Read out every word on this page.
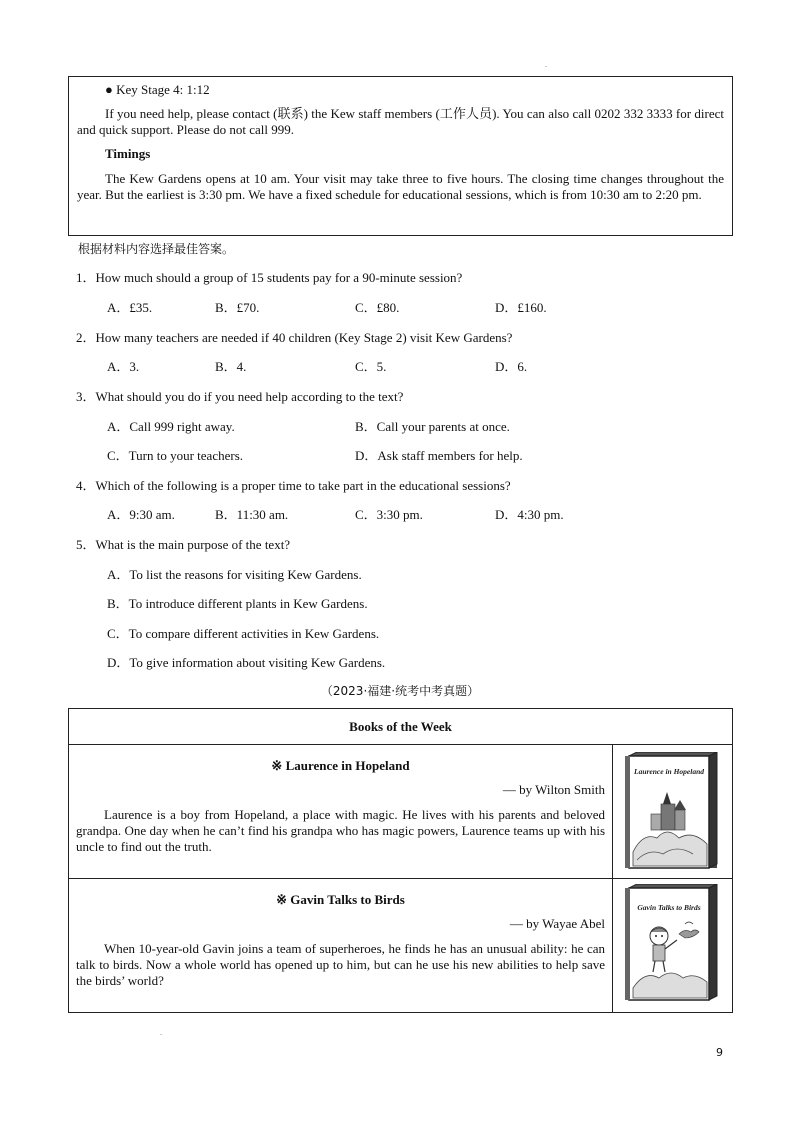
.

● Key Stage 4: 1:12

If you need help, please contact (联系) the Kew staff members (工作人员). You can also call 0202 332 3333 for direct and quick support. Please do not call 999.

Timings

The Kew Gardens opens at 10 am. Your visit may take three to five hours. The closing time changes throughout the year. But the earliest is 3:30 pm. We have a fixed schedule for educational sessions, which is from 10:30 am to 2:20 pm.

根据材料内容选择最佳答案。
1．How much should a group of 15 students pay for a 90-minute session?
A．£35.	B．£70.	C．£80.	D．£160.
2．How many teachers are needed if 40 children (Key Stage 2) visit Kew Gardens?
A．3.	B．4.	C．5.	D．6.
3．What should you do if you need help according to the text?
A．Call 999 right away.	B．Call your parents at once.
C．Turn to your teachers.	D．Ask staff members for help.
4．Which of the following is a proper time to take part in the educational sessions?
A．9:30 am.	B．11:30 am.	C．3:30 pm.	D．4:30 pm.
5．What is the main purpose of the text?
A．To list the reasons for visiting Kew Gardens.
B．To introduce different plants in Kew Gardens.
C．To compare different activities in Kew Gardens.
D．To give information about visiting Kew Gardens.
（2023·福建·统考中考真题）
Books of the Week	

※ Laurence in Hopeland
— by Wilton Smith
Laurence is a boy from Hopeland, a place with magic. He lives with his parents and beloved grandpa. One day when he can’t find his grandpa who has magic powers, Laurence teams up with his uncle to find out the truth.	Laurence in Hopeland

※ Gavin Talks to Birds
— by Wayae Abel
When 10-year-old Gavin joins a team of superheroes, he finds he has an unusual ability: he can talk to birds. Now a whole world has opened up to him, but can he use his new abilities to help save the birds’ world?	Gavin Talks to Birds
.
9
